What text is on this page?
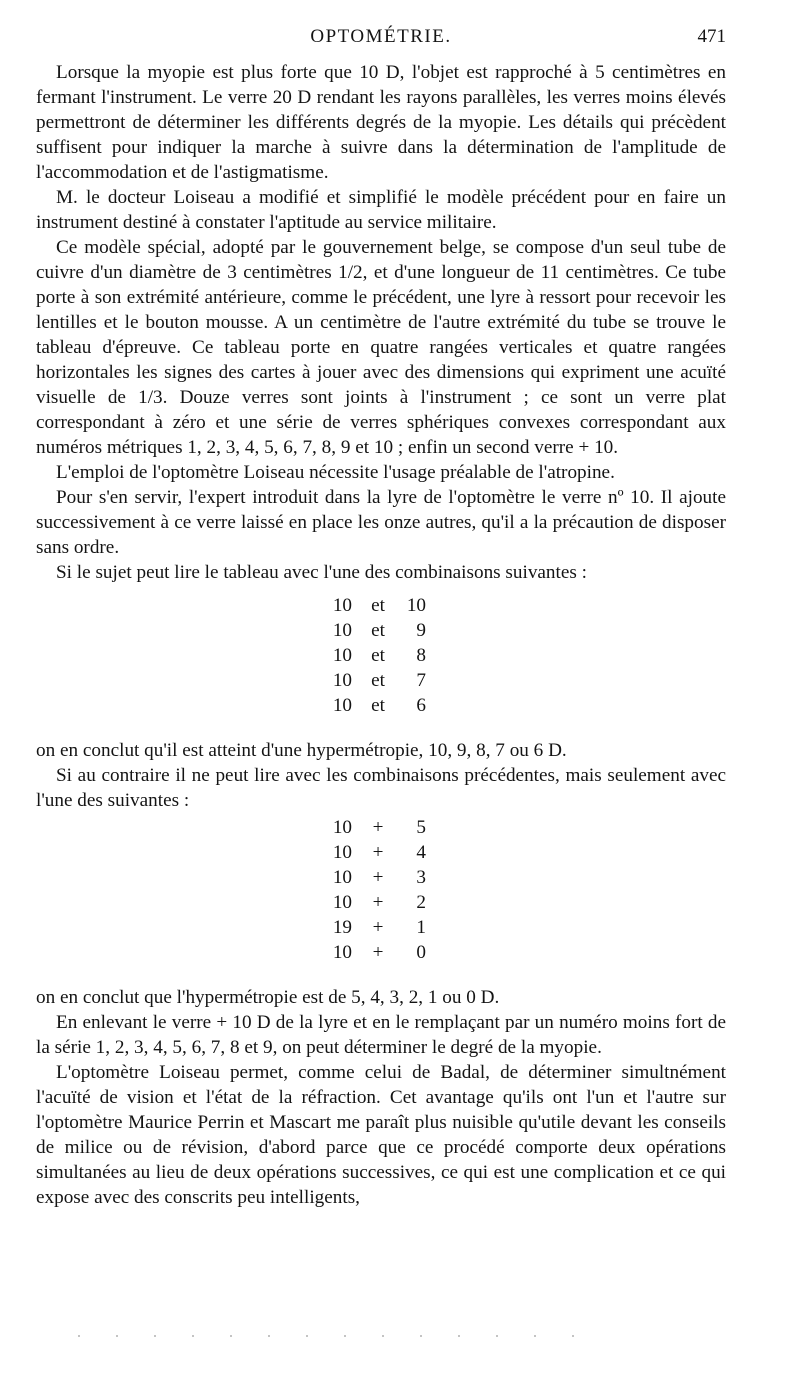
OPTOMÉTRIE.	471

Lorsque la myopie est plus forte que 10 D, l'objet est rapproché à 5 centimètres en fermant l'instrument. Le verre 20 D rendant les rayons parallèles, les verres moins élevés permettront de déterminer les différents degrés de la myopie. Les détails qui précèdent suffisent pour indiquer la marche à suivre dans la détermination de l'amplitude de l'accommodation et de l'astigmatisme.

M. le docteur Loiseau a modifié et simplifié le modèle précédent pour en faire un instrument destiné à constater l'aptitude au service militaire.

Ce modèle spécial, adopté par le gouvernement belge, se compose d'un seul tube de cuivre d'un diamètre de 3 centimètres 1/2, et d'une longueur de 11 centimètres. Ce tube porte à son extrémité antérieure, comme le précédent, une lyre à ressort pour recevoir les lentilles et le bouton mousse. A un centimètre de l'autre extrémité du tube se trouve le tableau d'épreuve. Ce tableau porte en quatre rangées verticales et quatre rangées horizontales les signes des cartes à jouer avec des dimensions qui expriment une acuïté visuelle de 1/3. Douze verres sont joints à l'instrument ; ce sont un verre plat correspondant à zéro et une série de verres sphériques convexes correspondant aux numéros métriques 1, 2, 3, 4, 5, 6, 7, 8, 9 et 10 ; enfin un second verre + 10.

L'emploi de l'optomètre Loiseau nécessite l'usage préalable de l'atropine.

Pour s'en servir, l'expert introduit dans la lyre de l'optomètre le verre nº 10. Il ajoute successivement à ce verre laissé en place les onze autres, qu'il a la précaution de disposer sans ordre.

Si le sujet peut lire le tableau avec l'une des combinaisons suivantes :

10 et	10
10 et	9
10 et	8
10 et	7
10 et	6

on en conclut qu'il est atteint d'une hypermétropie, 10, 9, 8, 7 ou 6 D.

Si au contraire il ne peut lire avec les combinaisons précédentes, mais seulement avec l'une des suivantes :

10	+	5
10	+	4
10	+	3
10	+	2
19	+	1
10	+	0

on en conclut que l'hypermétropie est de 5, 4, 3, 2, 1 ou 0 D.

En enlevant le verre + 10 D de la lyre et en le remplaçant par un numéro moins fort de la série 1, 2, 3, 4, 5, 6, 7, 8 et 9, on peut déterminer le degré de la myopie.

L'optomètre Loiseau permet, comme celui de Badal, de déterminer simultnément l'acuïté de vision et l'état de la réfraction. Cet avantage qu'ils ont l'un et l'autre sur l'optomètre Maurice Perrin et Mascart me paraît plus nuisible qu'utile devant les conseils de milice ou de révision, d'abord parce que ce procédé comporte deux opérations simultanées au lieu de deux opérations successives, ce qui est une complication et ce qui expose avec des conscrits peu intelligents,
